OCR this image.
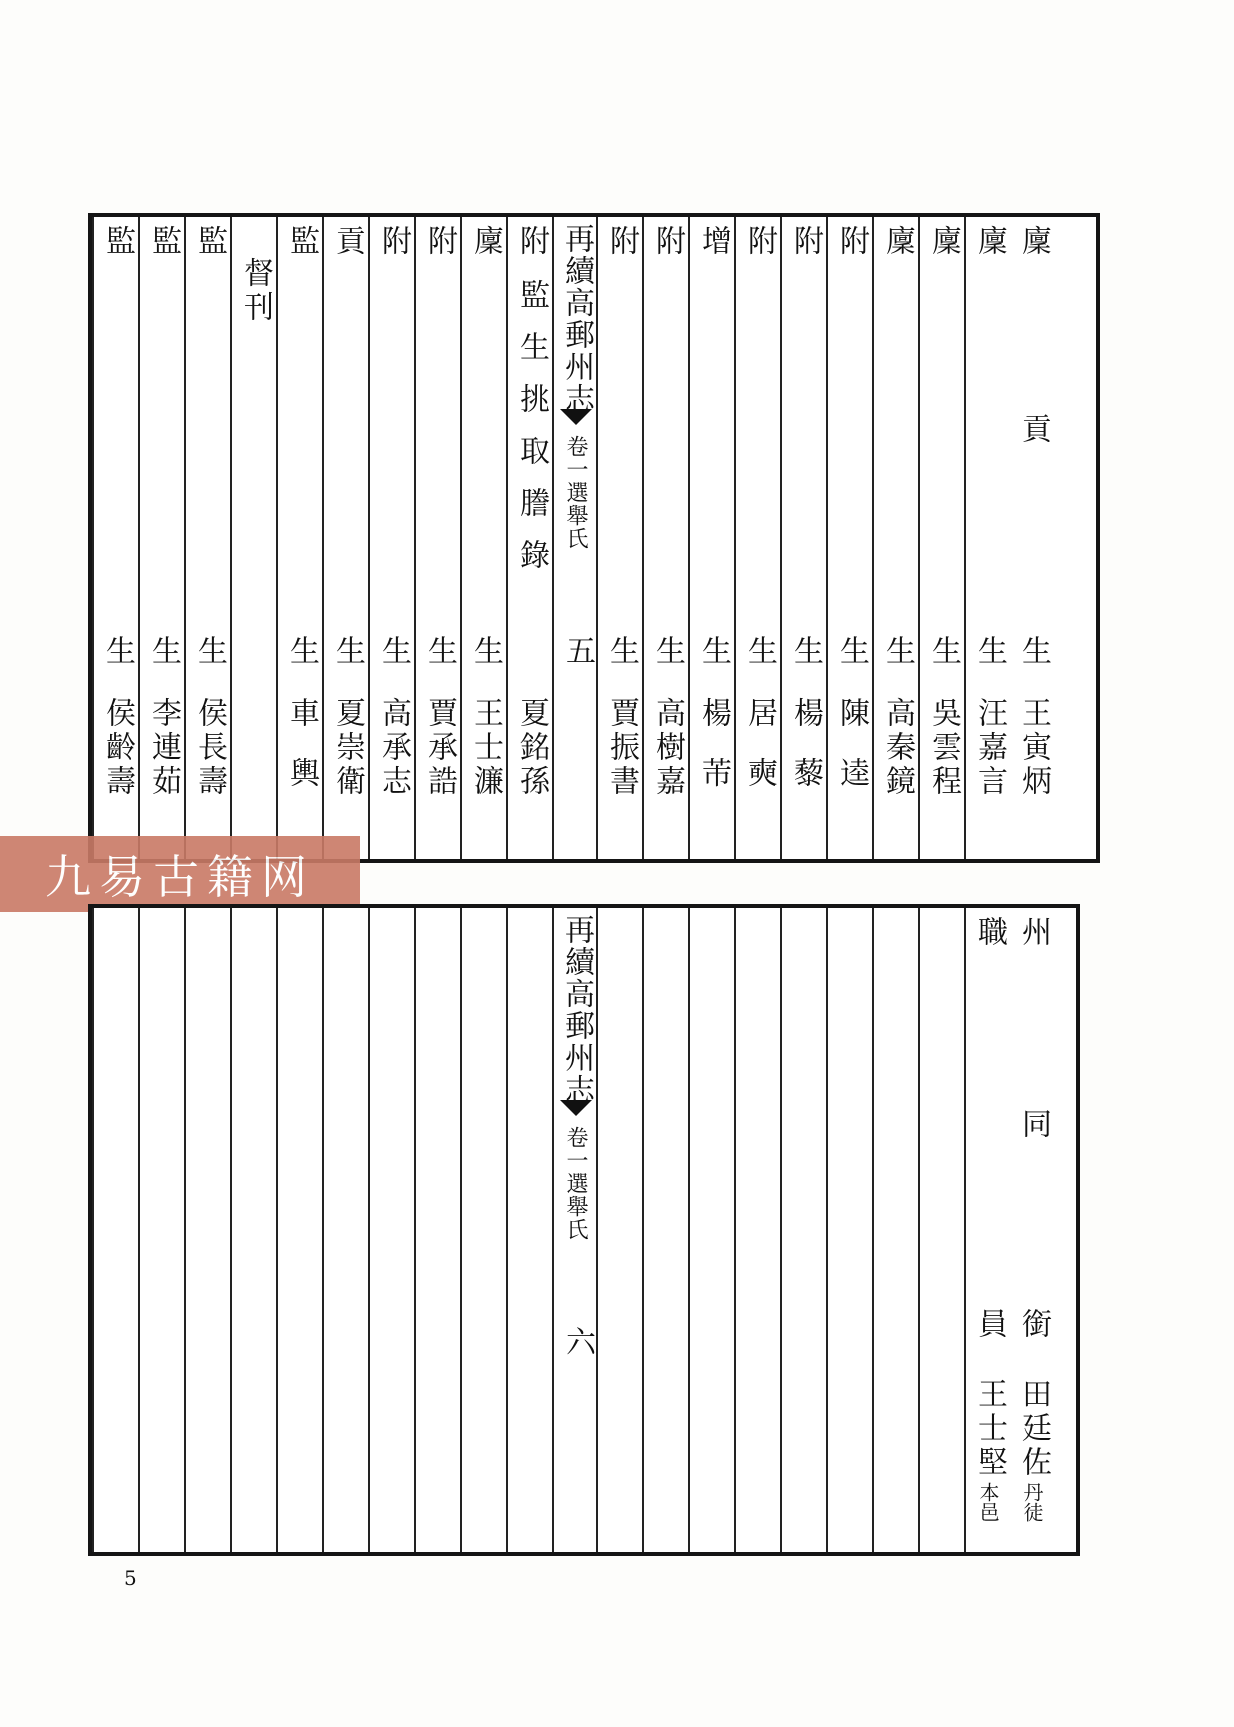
監
生
侯齡壽
監
生
李連茹
監
生
侯長壽
督刊
監
生
車輿
貢
生
夏崇衛
附
生
高承志
附
生
賈承誥
廩
生
王士濂
附
監生挑取謄錄
夏銘孫
再續高郵州志
卷一選舉氏
五
附
生
賈振書
附
生
高樹嘉
增
生
楊芾
附
生
居奭
附
生
楊藜
附
生
陳逵
廩
生
高秦鏡
廩
生
吳雲程
廩
生
汪嘉言
廩
貢
生
王寅炳
九易古籍网
再續高郵州志
卷一選舉氏
六
職
員
王士堅
本邑
州
同
銜
田廷佐
丹徒
5
